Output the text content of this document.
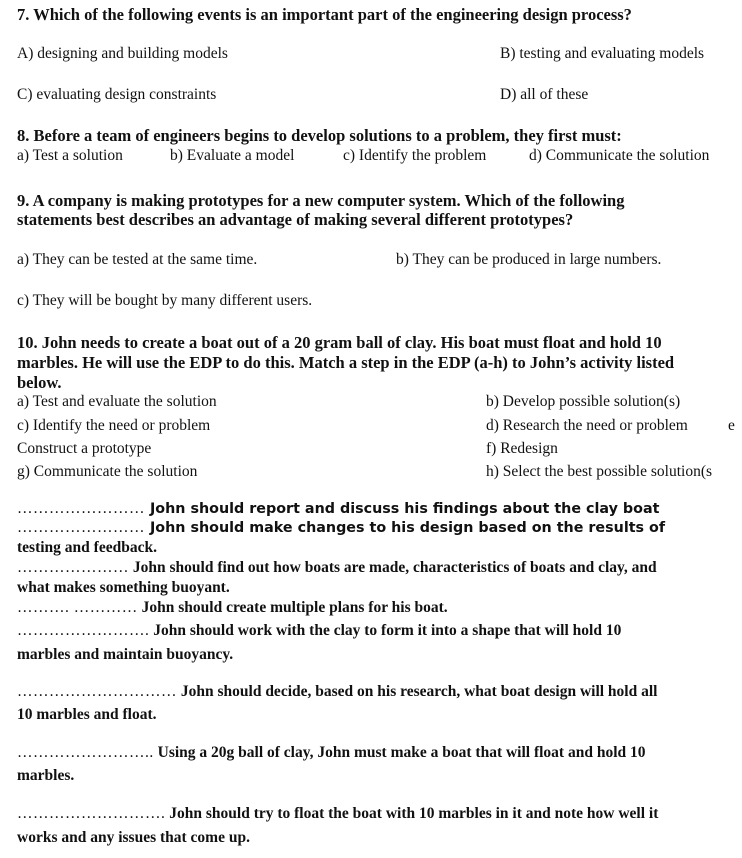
7. Which of the following events is an important part of the engineering design process?

A) designing and building models	B) testing and evaluating models

C) evaluating design constraints	D) all of these

8. Before a team of engineers begins to develop solutions to a problem, they first must:

a) Test a solution	b) Evaluate a model	c) Identify the problem	d) Communicate the solution

9. A company is making prototypes for a new computer system. Which of the following

statements best describes an advantage of making several different prototypes?

a) They can be tested at the same time.	b) They can be produced in large numbers.

c) They will be bought by many different users.

10. John needs to create a boat out of a 20 gram ball of clay. His boat must float and hold 10

marbles. He will use the EDP to do this. Match a step in the EDP (a-h) to John’s activity listed

below.

a) Test and evaluate the solution	b) Develop possible solution(s)

c) Identify the need or problem	d) Research the need or problem	e

Construct a prototype	f) Redesign

g) Communicate the solution	h) Select the best possible solution(s

…………………… John should report and discuss his findings about the clay boat

…………………… John should make changes to his design based on the results of

testing and feedback.

………………… John should find out how boats are made, characteristics of boats and clay, and

what makes something buoyant.

………. ………… John should create multiple plans for his boat.

……………………. John should work with the clay to form it into a shape that will hold 10

marbles and maintain buoyancy.

………………………… John should decide, based on his research, what boat design will hold all

10 marbles and float.

…………………….. Using a 20g ball of clay, John must make a boat that will float and hold 10

marbles.

………………………. John should try to float the boat with 10 marbles in it and note how well it

works and any issues that come up.
